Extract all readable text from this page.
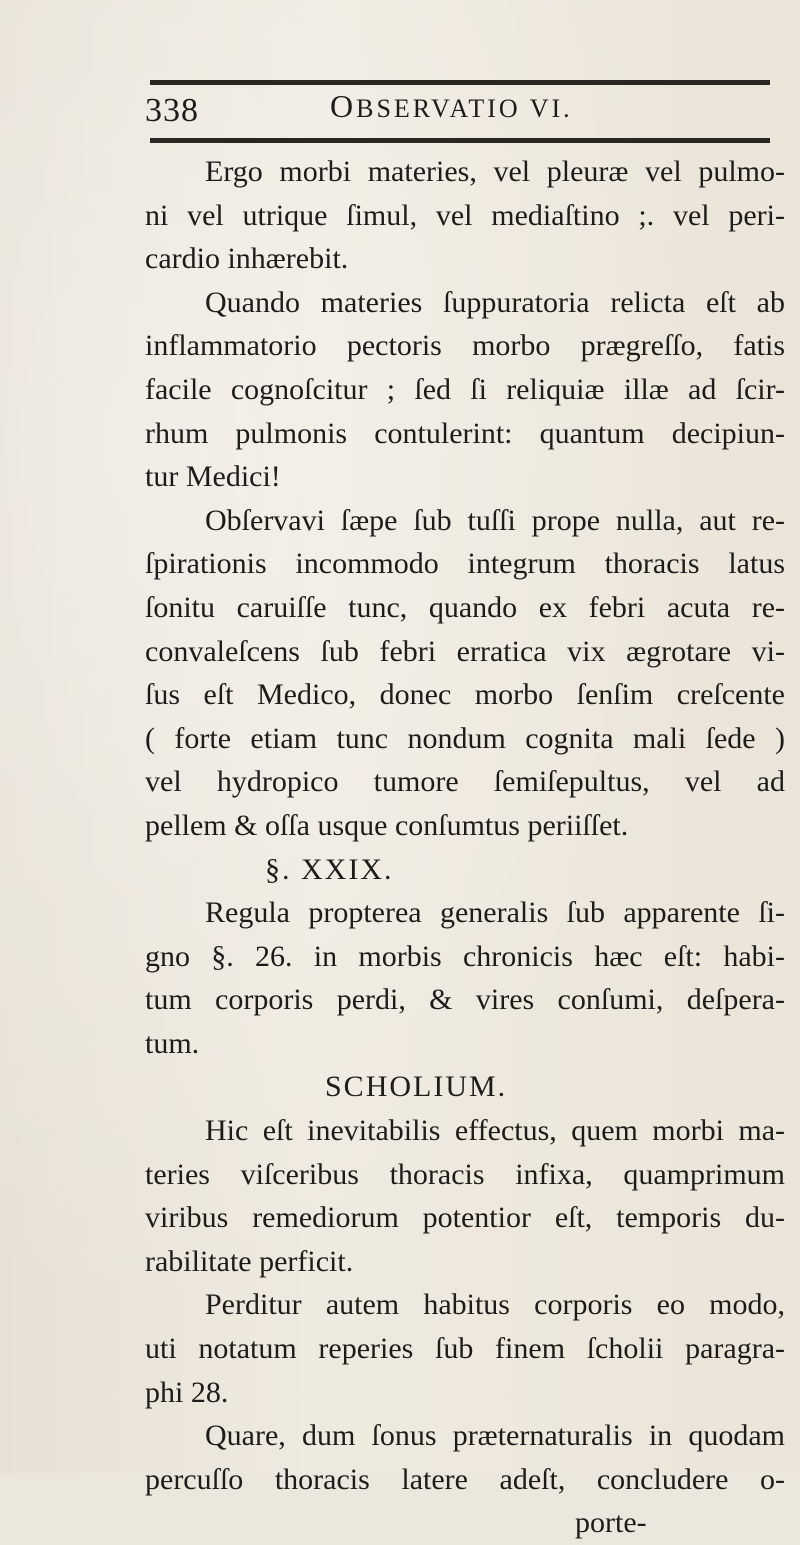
338	OBSERVATIO VI.
Ergo morbi materies, vel pleuræ vel pulmo-
ni vel utrique ſimul, vel mediaſtino ;. vel peri-
cardio inhærebit.
Quando materies ſuppuratoria relicta eſt ab
inflammatorio pectoris morbo prægreſſo, fatis
facile cognoſcitur ; ſed ſi reliquiæ illæ ad ſcir-
rhum pulmonis contulerint: quantum decipiun-
tur Medici!
Obſervavi ſæpe ſub tuſſi prope nulla, aut re-
ſpirationis incommodo integrum thoracis latus
ſonitu caruiſſe tunc, quando ex febri acuta re-
convaleſcens ſub febri erratica vix ægrotare vi-
ſus eſt Medico, donec morbo ſenſim creſcente
( forte etiam tunc nondum cognita mali ſede )
vel hydropico tumore ſemiſepultus, vel ad
pellem & oſſa usque conſumtus periiſſet.
§. XXIX.
Regula propterea generalis ſub apparente ſi-
gno §. 26. in morbis chronicis hæc eſt: habi-
tum corporis perdi, & vires conſumi, deſpera-
tum.
SCHOLIUM.
Hic eſt inevitabilis effectus, quem morbi ma-
teries viſceribus thoracis infixa, quamprimum
viribus remediorum potentior eſt, temporis du-
rabilitate perficit.
Perditur autem habitus corporis eo modo,
uti notatum reperies ſub finem ſcholii paragra-
phi 28.
Quare, dum ſonus præternaturalis in quodam
percuſſo thoracis latere adeſt, concludere o-
porte-
